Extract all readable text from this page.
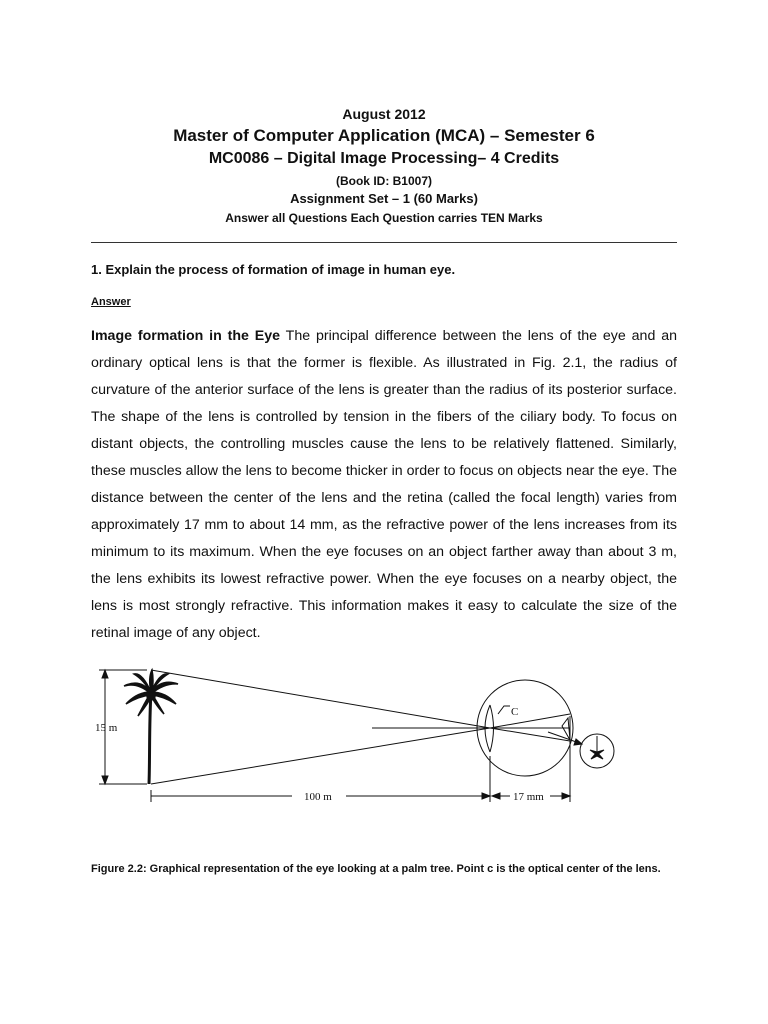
August 2012
Master of Computer Application (MCA) – Semester 6
MC0086 – Digital Image Processing– 4 Credits
(Book ID: B1007)
Assignment Set – 1 (60 Marks)
Answer all Questions Each Question carries TEN Marks
1. Explain the process of formation of image in human eye.
Answer

Image formation in the Eye The principal difference between the lens of the eye and an ordinary optical lens is that the former is flexible. As illustrated in Fig. 2.1, the radius of curvature of the anterior surface of the lens is greater than the radius of its posterior surface. The shape of the lens is controlled by tension in the fibers of the ciliary body. To focus on distant objects, the controlling muscles cause the lens to be relatively flattened. Similarly, these muscles allow the lens to become thicker in order to focus on objects near the eye. The distance between the center of the lens and the retina (called the focal length) varies from approximately 17 mm to about 14 mm, as the refractive power of the lens increases from its minimum to its maximum. When the eye focuses on an object farther away than about 3 m, the lens exhibits its lowest refractive power. When the eye focuses on a nearby object, the lens is most strongly refractive. This information makes it easy to calculate the size of the retinal image of any object.

15 m
C
100 m	17 mm

Figure 2.2: Graphical representation of the eye looking at a palm tree. Point c is the optical center of the lens.
